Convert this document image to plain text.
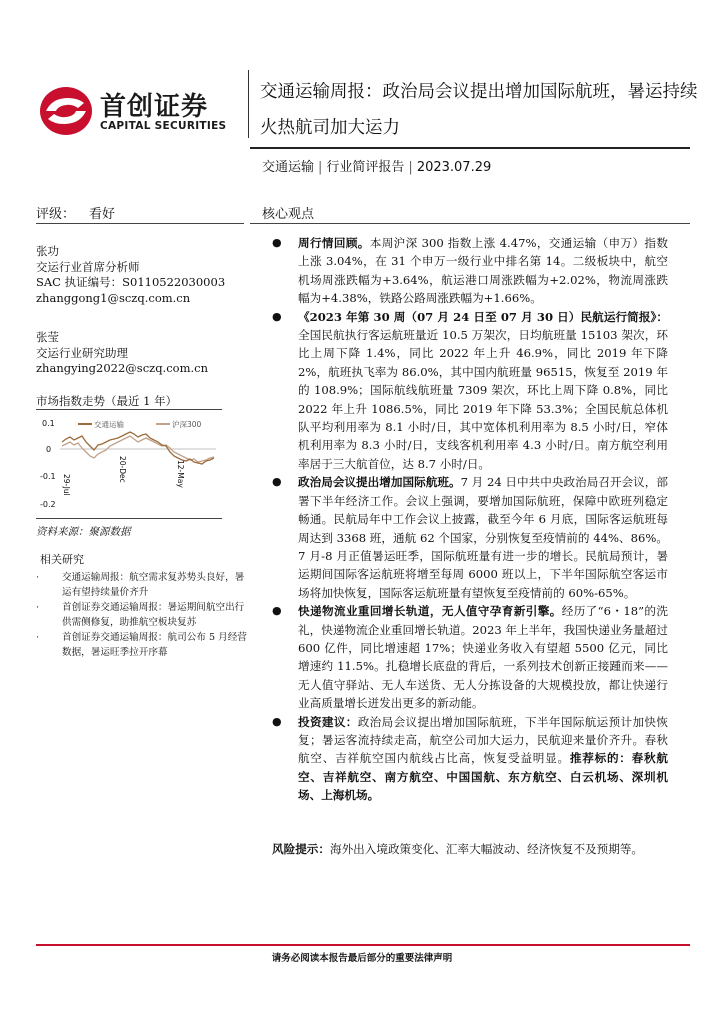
首创证券
CAPITAL SECURITIES
交通运输周报：政治局会议提出增加国际航班，暑运持续火热航司加大运力
交通运输 | 行业简评报告 | 2023.07.29
评级： 看好	核心观点
张功
交运行业首席分析师
SAC 执证编号：S0110522030003
zhanggong1@sczq.com.cn
张莹
交运行业研究助理
zhangying2022@sczq.com.cn
市场指数走势（最近 1 年）
0.1
0
-0.1
-0.2
交通运输	沪深300
29-Jul
20-Dec	12-May
资料来源：聚源数据
相关研究
· 交通运输周报：航空需求复苏势头良好，暑运有望持续量价齐升
· 首创证券交通运输周报：暑运期间航空出行供需侧修复，助推航空板块复苏
· 首创证券交通运输周报：航司公布 5 月经营数据，暑运旺季拉开序幕
● 周行情回顾。本周沪深 300 指数上涨 4.47%，交通运输（申万）指数上涨 3.04%，在 31 个申万一级行业中排名第 14。二级板块中，航空机场周涨跌幅为+3.64%，航运港口周涨跌幅为+2.02%，物流周涨跌幅为+4.38%，铁路公路周涨跌幅为+1.66%。
● 《2023 年第 30 周（07 月 24 日至 07 月 30 日）民航运行简报》：全国民航执行客运航班量近 10.5 万架次，日均航班量 15103 架次，环比上周下降 1.4%，同比 2022 年上升 46.9%，同比 2019 年下降 2%，航班执飞率为 86.0%，其中国内航班量 96515，恢复至 2019 年的 108.9%；国际航线航班量 7309 架次，环比上周下降 0.8%，同比 2022 年上升 1086.5%，同比 2019 年下降 53.3%；全国民航总体机队平均利用率为 8.1 小时/日，其中宽体机利用率为 8.5 小时/日，窄体机利用率为 8.3 小时/日，支线客机利用率 4.3 小时/日。南方航空利用率居于三大航首位，达 8.7 小时/日。
● 政治局会议提出增加国际航班。7 月 24 日中共中央政治局召开会议，部署下半年经济工作。会议上强调，要增加国际航班，保障中欧班列稳定畅通。民航局年中工作会议上披露，截至今年 6 月底，国际客运航班每周达到 3368 班，通航 62 个国家，分别恢复至疫情前的 44%、86%。7 月-8 月正值暑运旺季，国际航班量有进一步的增长。民航局预计，暑运期间国际客运航班将增至每周 6000 班以上，下半年国际航空客运市场将加快恢复，国际客运航班量有望恢复至疫情前的 60%-65%。
● 快递物流业重回增长轨道，无人值守孕育新引擎。经历了“6・18”的洗礼，快递物流企业重回增长轨道。2023 年上半年，我国快递业务量超过 600 亿件，同比增速超 17%；快递业务收入有望超 5500 亿元，同比增速约 11.5%。扎稳增长底盘的背后，一系列技术创新正接踵而来——无人值守驿站、无人车送货、无人分拣设备的大规模投放，都让快递行业高质量增长迸发出更多的新动能。
● 投资建议：政治局会议提出增加国际航班，下半年国际航运预计加快恢复；暑运客流持续走高，航空公司加大运力，民航迎来量价齐升。春秋航空、吉祥航空国内航线占比高，恢复受益明显。推荐标的：春秋航空、吉祥航空、南方航空、中国国航、东方航空、白云机场、深圳机场、上海机场。
风险提示：海外出入境政策变化、汇率大幅波动、经济恢复不及预期等。
请务必阅读本报告最后部分的重要法律声明
